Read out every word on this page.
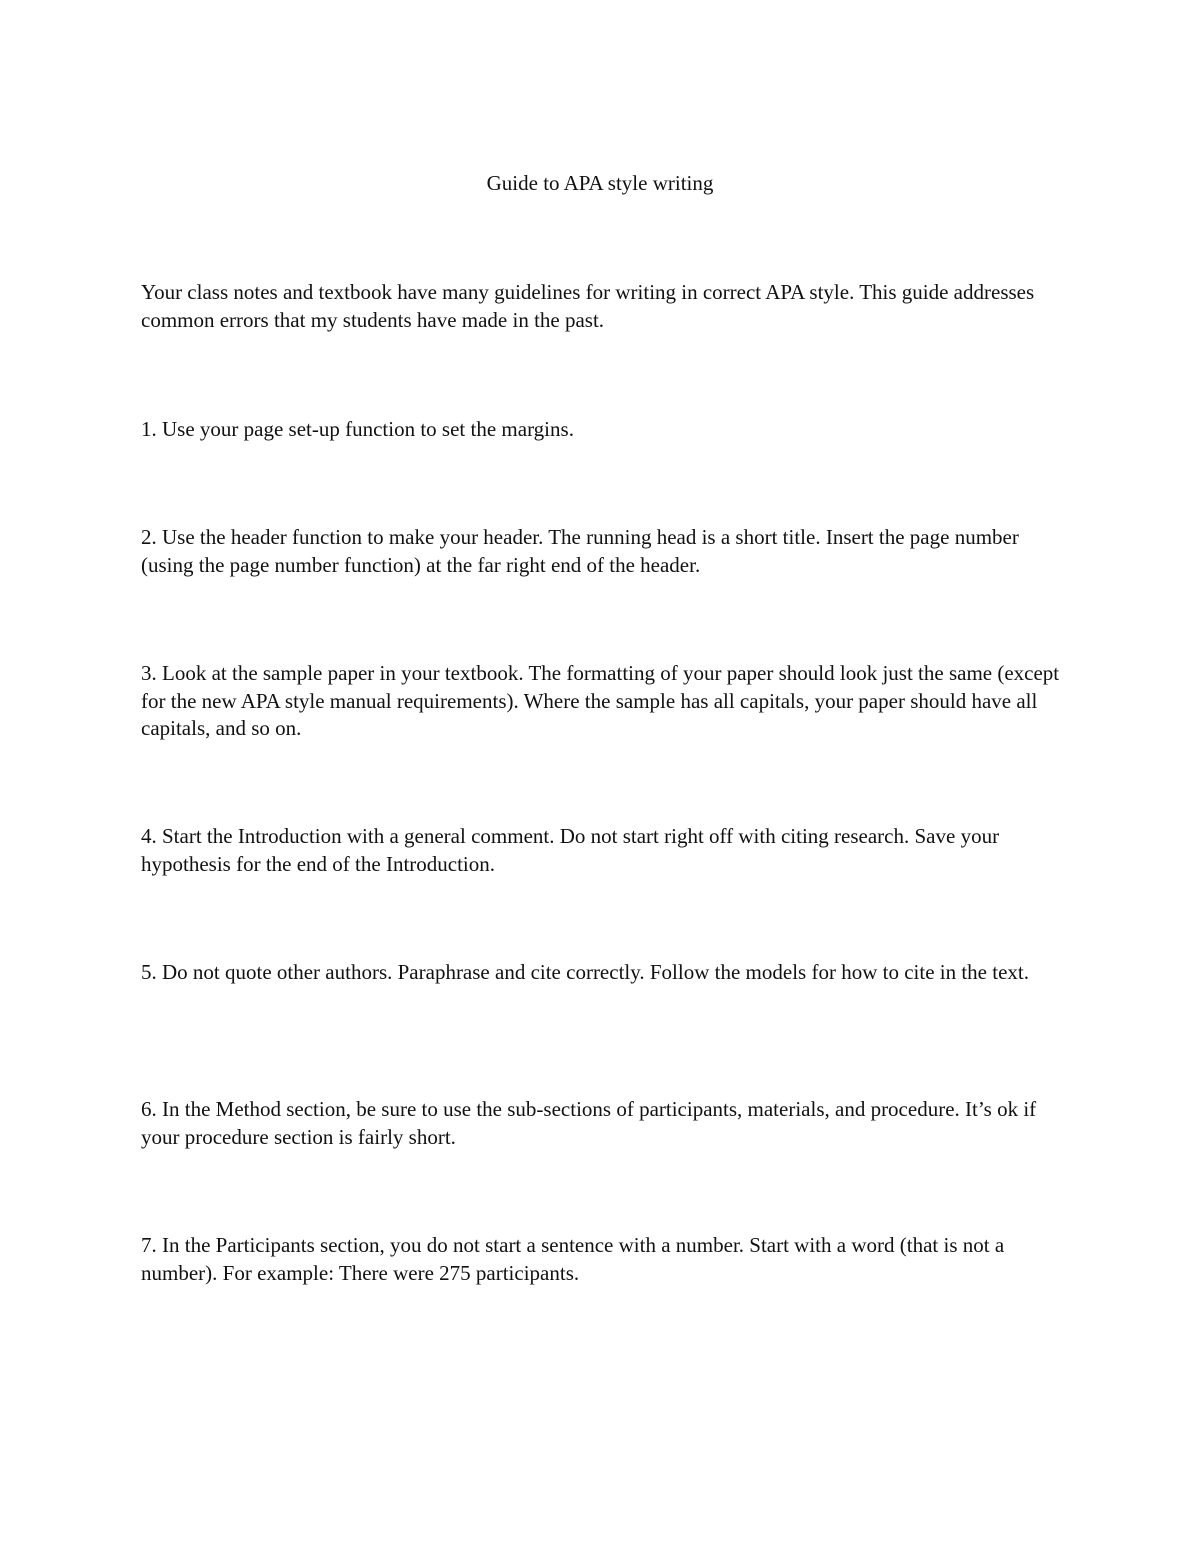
Guide to APA style writing

Your class notes and textbook have many guidelines for writing in correct APA style. This guide addresses common errors that my students have made in the past.

1. Use your page set-up function to set the margins.

2. Use the header function to make your header. The running head is a short title. Insert the page number (using the page number function) at the far right end of the header.

3. Look at the sample paper in your textbook. The formatting of your paper should look just the same (except for the new APA style manual requirements). Where the sample has all capitals, your paper should have all capitals, and so on.

4. Start the Introduction with a general comment. Do not start right off with citing research. Save your hypothesis for the end of the Introduction.

5. Do not quote other authors. Paraphrase and cite correctly. Follow the models for how to cite in the text.

6. In the Method section, be sure to use the sub-sections of participants, materials, and procedure. It’s ok if your procedure section is fairly short.

7. In the Participants section, you do not start a sentence with a number. Start with a word (that is not a number). For example: There were 275 participants.
